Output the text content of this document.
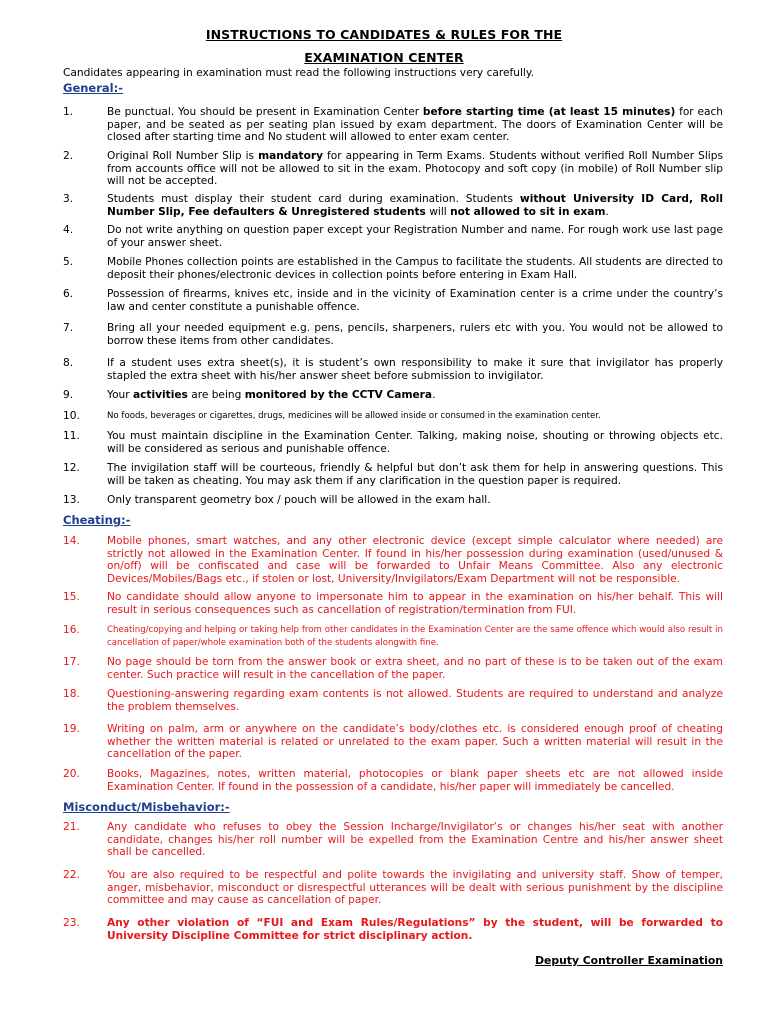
INSTRUCTIONS TO CANDIDATES & RULES FOR THE
EXAMINATION CENTER
Candidates appearing in examination must read the following instructions very carefully.
General:-
1.	Be punctual. You should be present in Examination Center before starting time (at least 15 minutes) for each paper, and be seated as per seating plan issued by exam department. The doors of Examination Center will be closed after starting time and No student will allowed to enter exam center.
2.	Original Roll Number Slip is mandatory for appearing in Term Exams. Students without verified Roll Number Slips from accounts office will not be allowed to sit in the exam. Photocopy and soft copy (in mobile) of Roll Number slip will not be accepted.
3.	Students must display their student card during examination. Students without University ID Card, Roll Number Slip, Fee defaulters & Unregistered students will not allowed to sit in exam.
4.	Do not write anything on question paper except your Registration Number and name. For rough work use last page of your answer sheet.
5.	Mobile Phones collection points are established in the Campus to facilitate the students. All students are directed to deposit their phones/electronic devices in collection points before entering in Exam Hall.
6.	Possession of firearms, knives etc, inside and in the vicinity of Examination center is a crime under the country’s law and center constitute a punishable offence.
7.	Bring all your needed equipment e.g. pens, pencils, sharpeners, rulers etc with you. You would not be allowed to borrow these items from other candidates.
8.	If a student uses extra sheet(s), it is student’s own responsibility to make it sure that invigilator has properly stapled the extra sheet with his/her answer sheet before submission to invigilator.
9.	Your activities are being monitored by the CCTV Camera.
10.	No foods, beverages or cigarettes, drugs, medicines will be allowed inside or consumed in the examination center.
11.	You must maintain discipline in the Examination Center. Talking, making noise, shouting or throwing objects etc. will be considered as serious and punishable offence.
12.	The invigilation staff will be courteous, friendly & helpful but don’t ask them for help in answering questions. This will be taken as cheating. You may ask them if any clarification in the question paper is required.
13.	Only transparent geometry box / pouch will be allowed in the exam hall.
Cheating:-
14.	Mobile phones, smart watches, and any other electronic device (except simple calculator where needed) are strictly not allowed in the Examination Center. If found in his/her possession during examination (used/unused & on/off) will be confiscated and case will be forwarded to Unfair Means Committee. Also any electronic Devices/Mobiles/Bags etc., if stolen or lost, University/Invigilators/Exam Department will not be responsible.
15.	No candidate should allow anyone to impersonate him to appear in the examination on his/her behalf. This will result in serious consequences such as cancellation of registration/termination from FUI.
16.	Cheating/copying and helping or taking help from other candidates in the Examination Center are the same offence which would also result in cancellation of paper/whole examination both of the students alongwith fine.
17.	No page should be torn from the answer book or extra sheet, and no part of these is to be taken out of the exam center. Such practice will result in the cancellation of the paper.
18.	Questioning-answering regarding exam contents is not allowed. Students are required to understand and analyze the problem themselves.
19.	Writing on palm, arm or anywhere on the candidate’s body/clothes etc. is considered enough proof of cheating whether the written material is related or unrelated to the exam paper. Such a written material will result in the cancellation of the paper.
20.	Books, Magazines, notes, written material, photocopies or blank paper sheets etc are not allowed inside Examination Center. If found in the possession of a candidate, his/her paper will immediately be cancelled.
Misconduct/Misbehavior:-
21.	Any candidate who refuses to obey the Session Incharge/Invigilator’s or changes his/her seat with another candidate, changes his/her roll number will be expelled from the Examination Centre and his/her answer sheet shall be cancelled.
22.	You are also required to be respectful and polite towards the invigilating and university staff. Show of temper, anger, misbehavior, misconduct or disrespectful utterances will be dealt with serious punishment by the discipline committee and may cause as cancellation of paper.
23.	Any other violation of “FUI and Exam Rules/Regulations” by the student, will be forwarded to University Discipline Committee for strict disciplinary action.
Deputy Controller Examination
